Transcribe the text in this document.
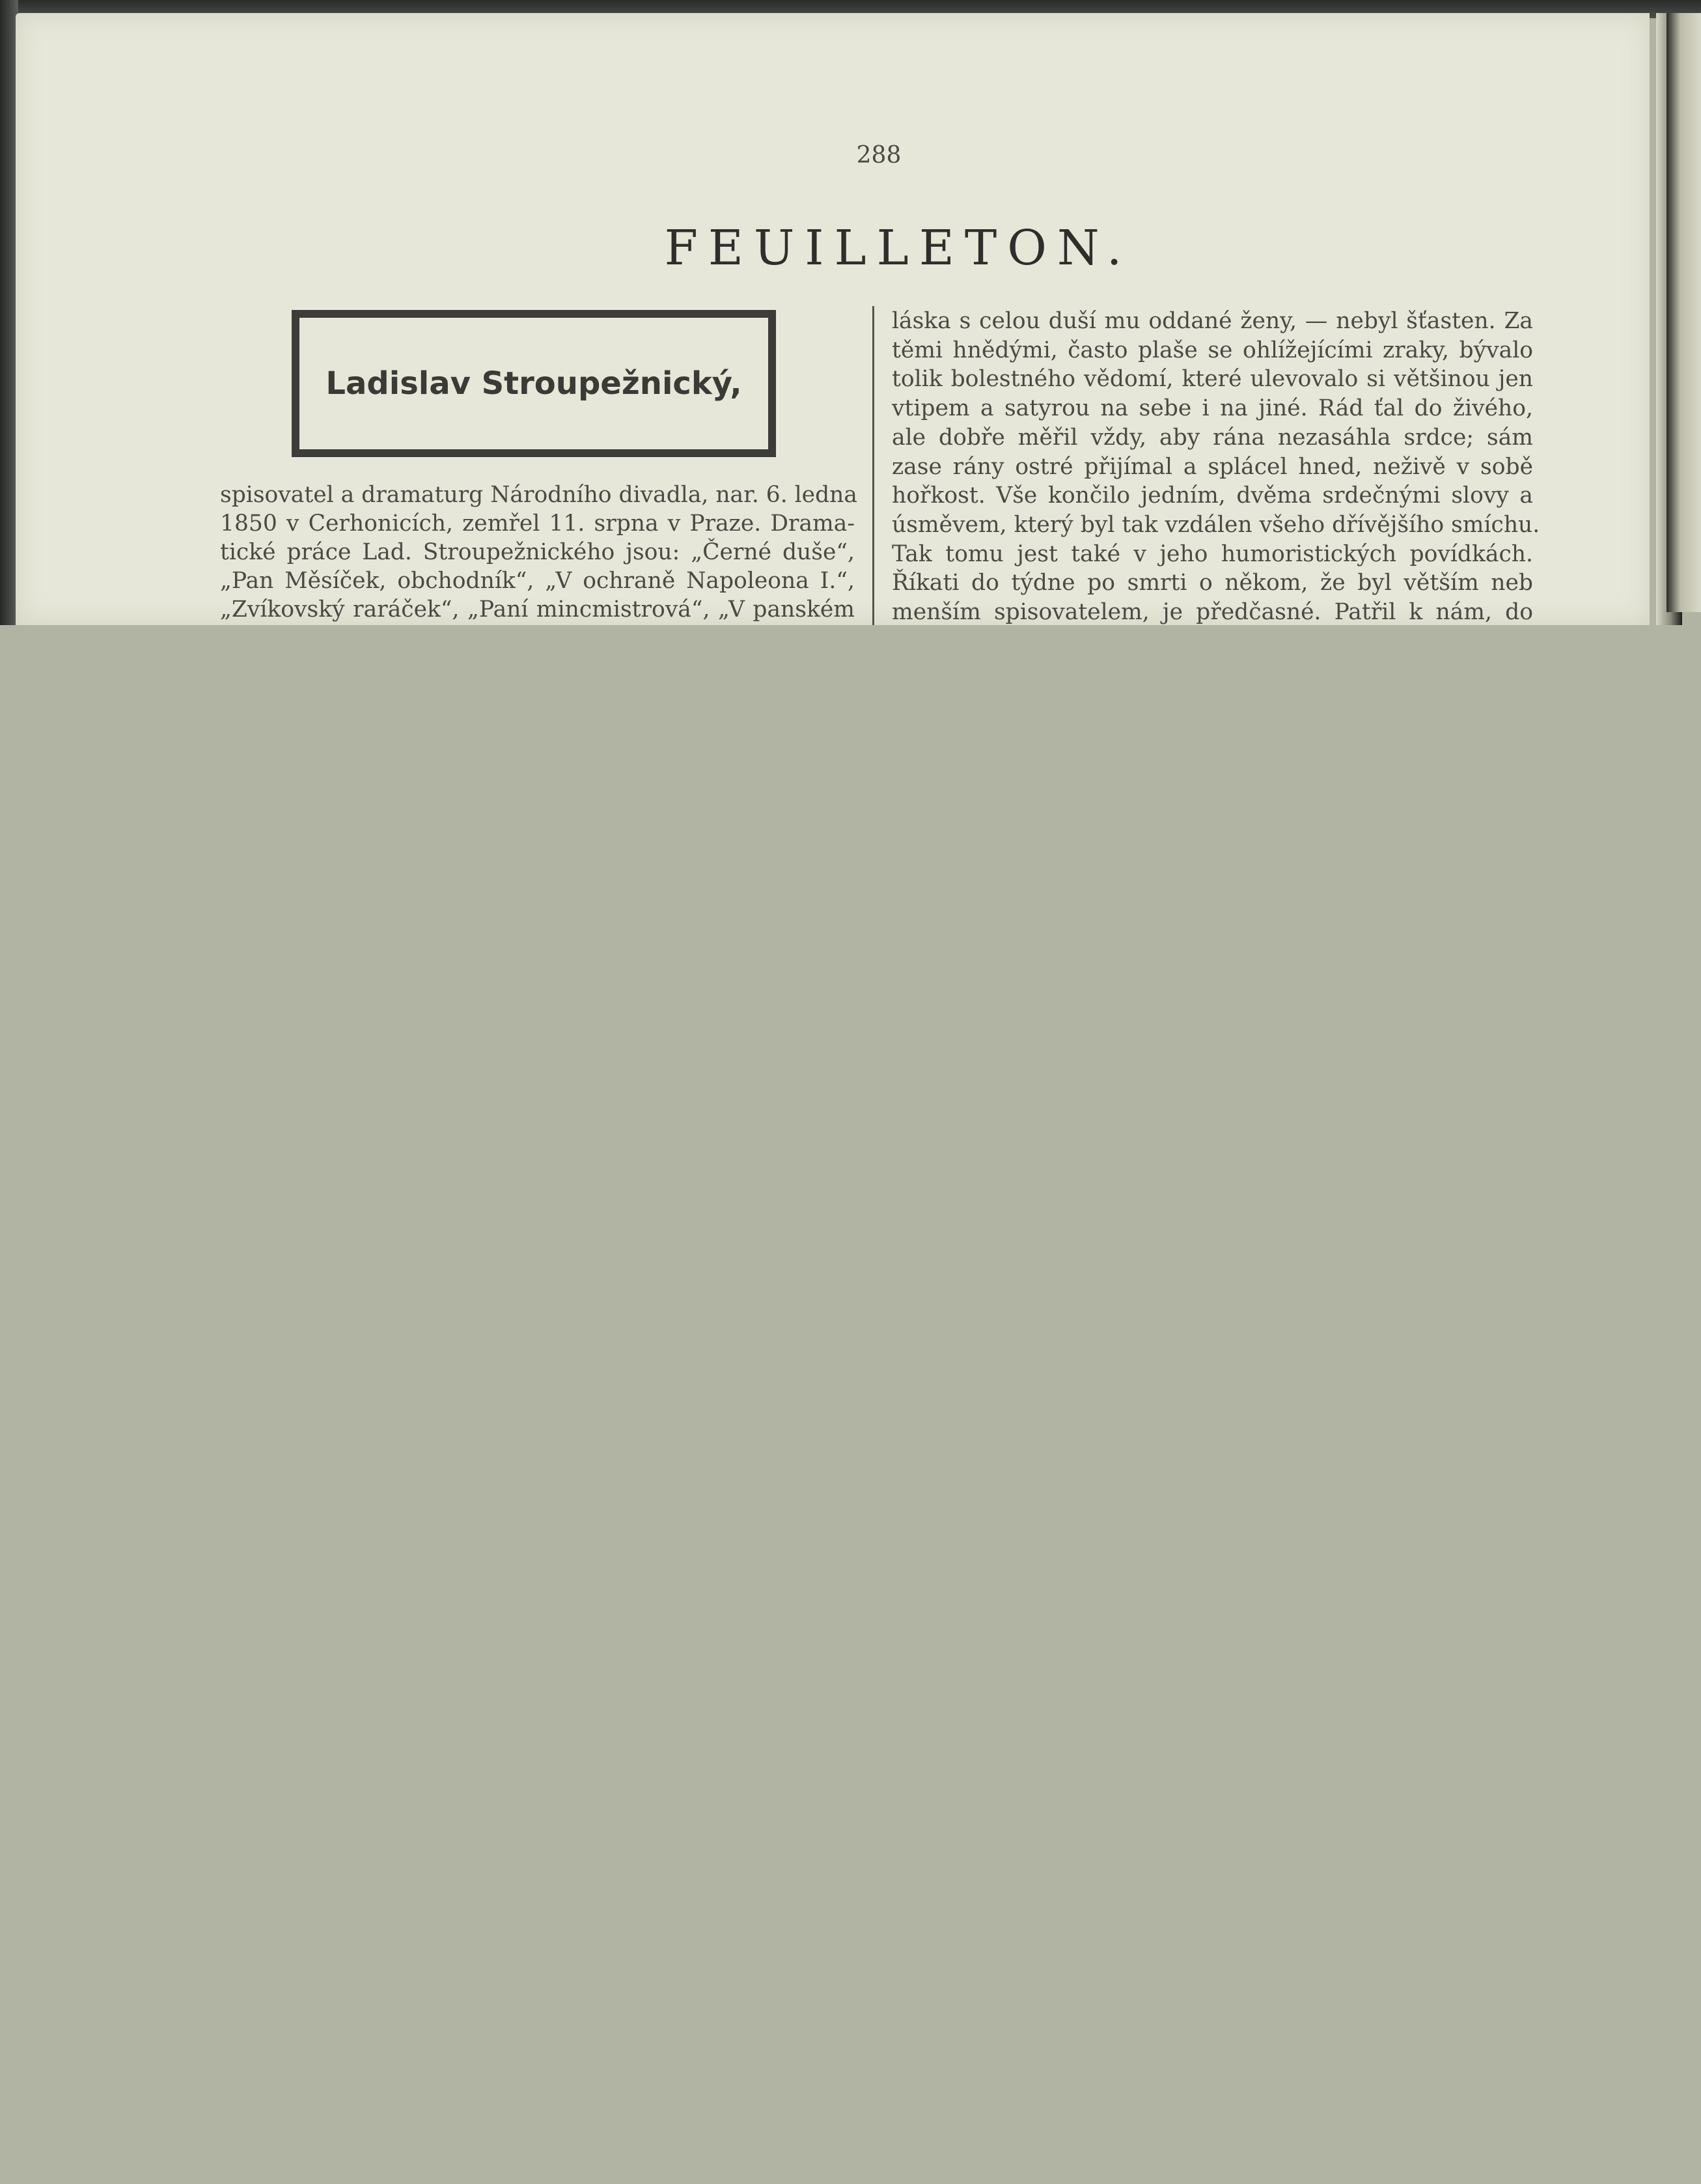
288
FEUILLETON.
Ladislav Stroupežnický,
spisovatel a dramaturg Národního divadla, nar. 6. ledna
1850 v Cerhonicích, zemřel 11. srpna v Praze. Drama-
tické práce Lad. Stroupežnického jsou: „Černé duše“,
„Pan Měsíček, obchodník“, „V ochraně Napoleona I.“,
láska s celou duší mu oddané ženy, — nebyl šťasten. Za
těmi hnědými, často plaše se ohlížejícími zraky, bývalo
tolik bolestného vědomí, které ulevovalo si většinou jen
vtipem a satyrou na sebe i na jiné. Rád ťal do živého,
ale dobře měřil vždy, aby rána nezasáhla srdce; sám
zase rány ostré přijímal a splácel hned, neživě v sobě
hořkost. Vše končilo jedním, dvěma srdečnými slovy a
úsměvem, který byl tak vzdálen všeho dřívějšího smíchu.
Tak tomu jest také v jeho humoristických povídkách.
Říkati do týdne po smrti o někom, že byl větším neb
menším spisovatelem, je předčasné. Patřil k nám, do
